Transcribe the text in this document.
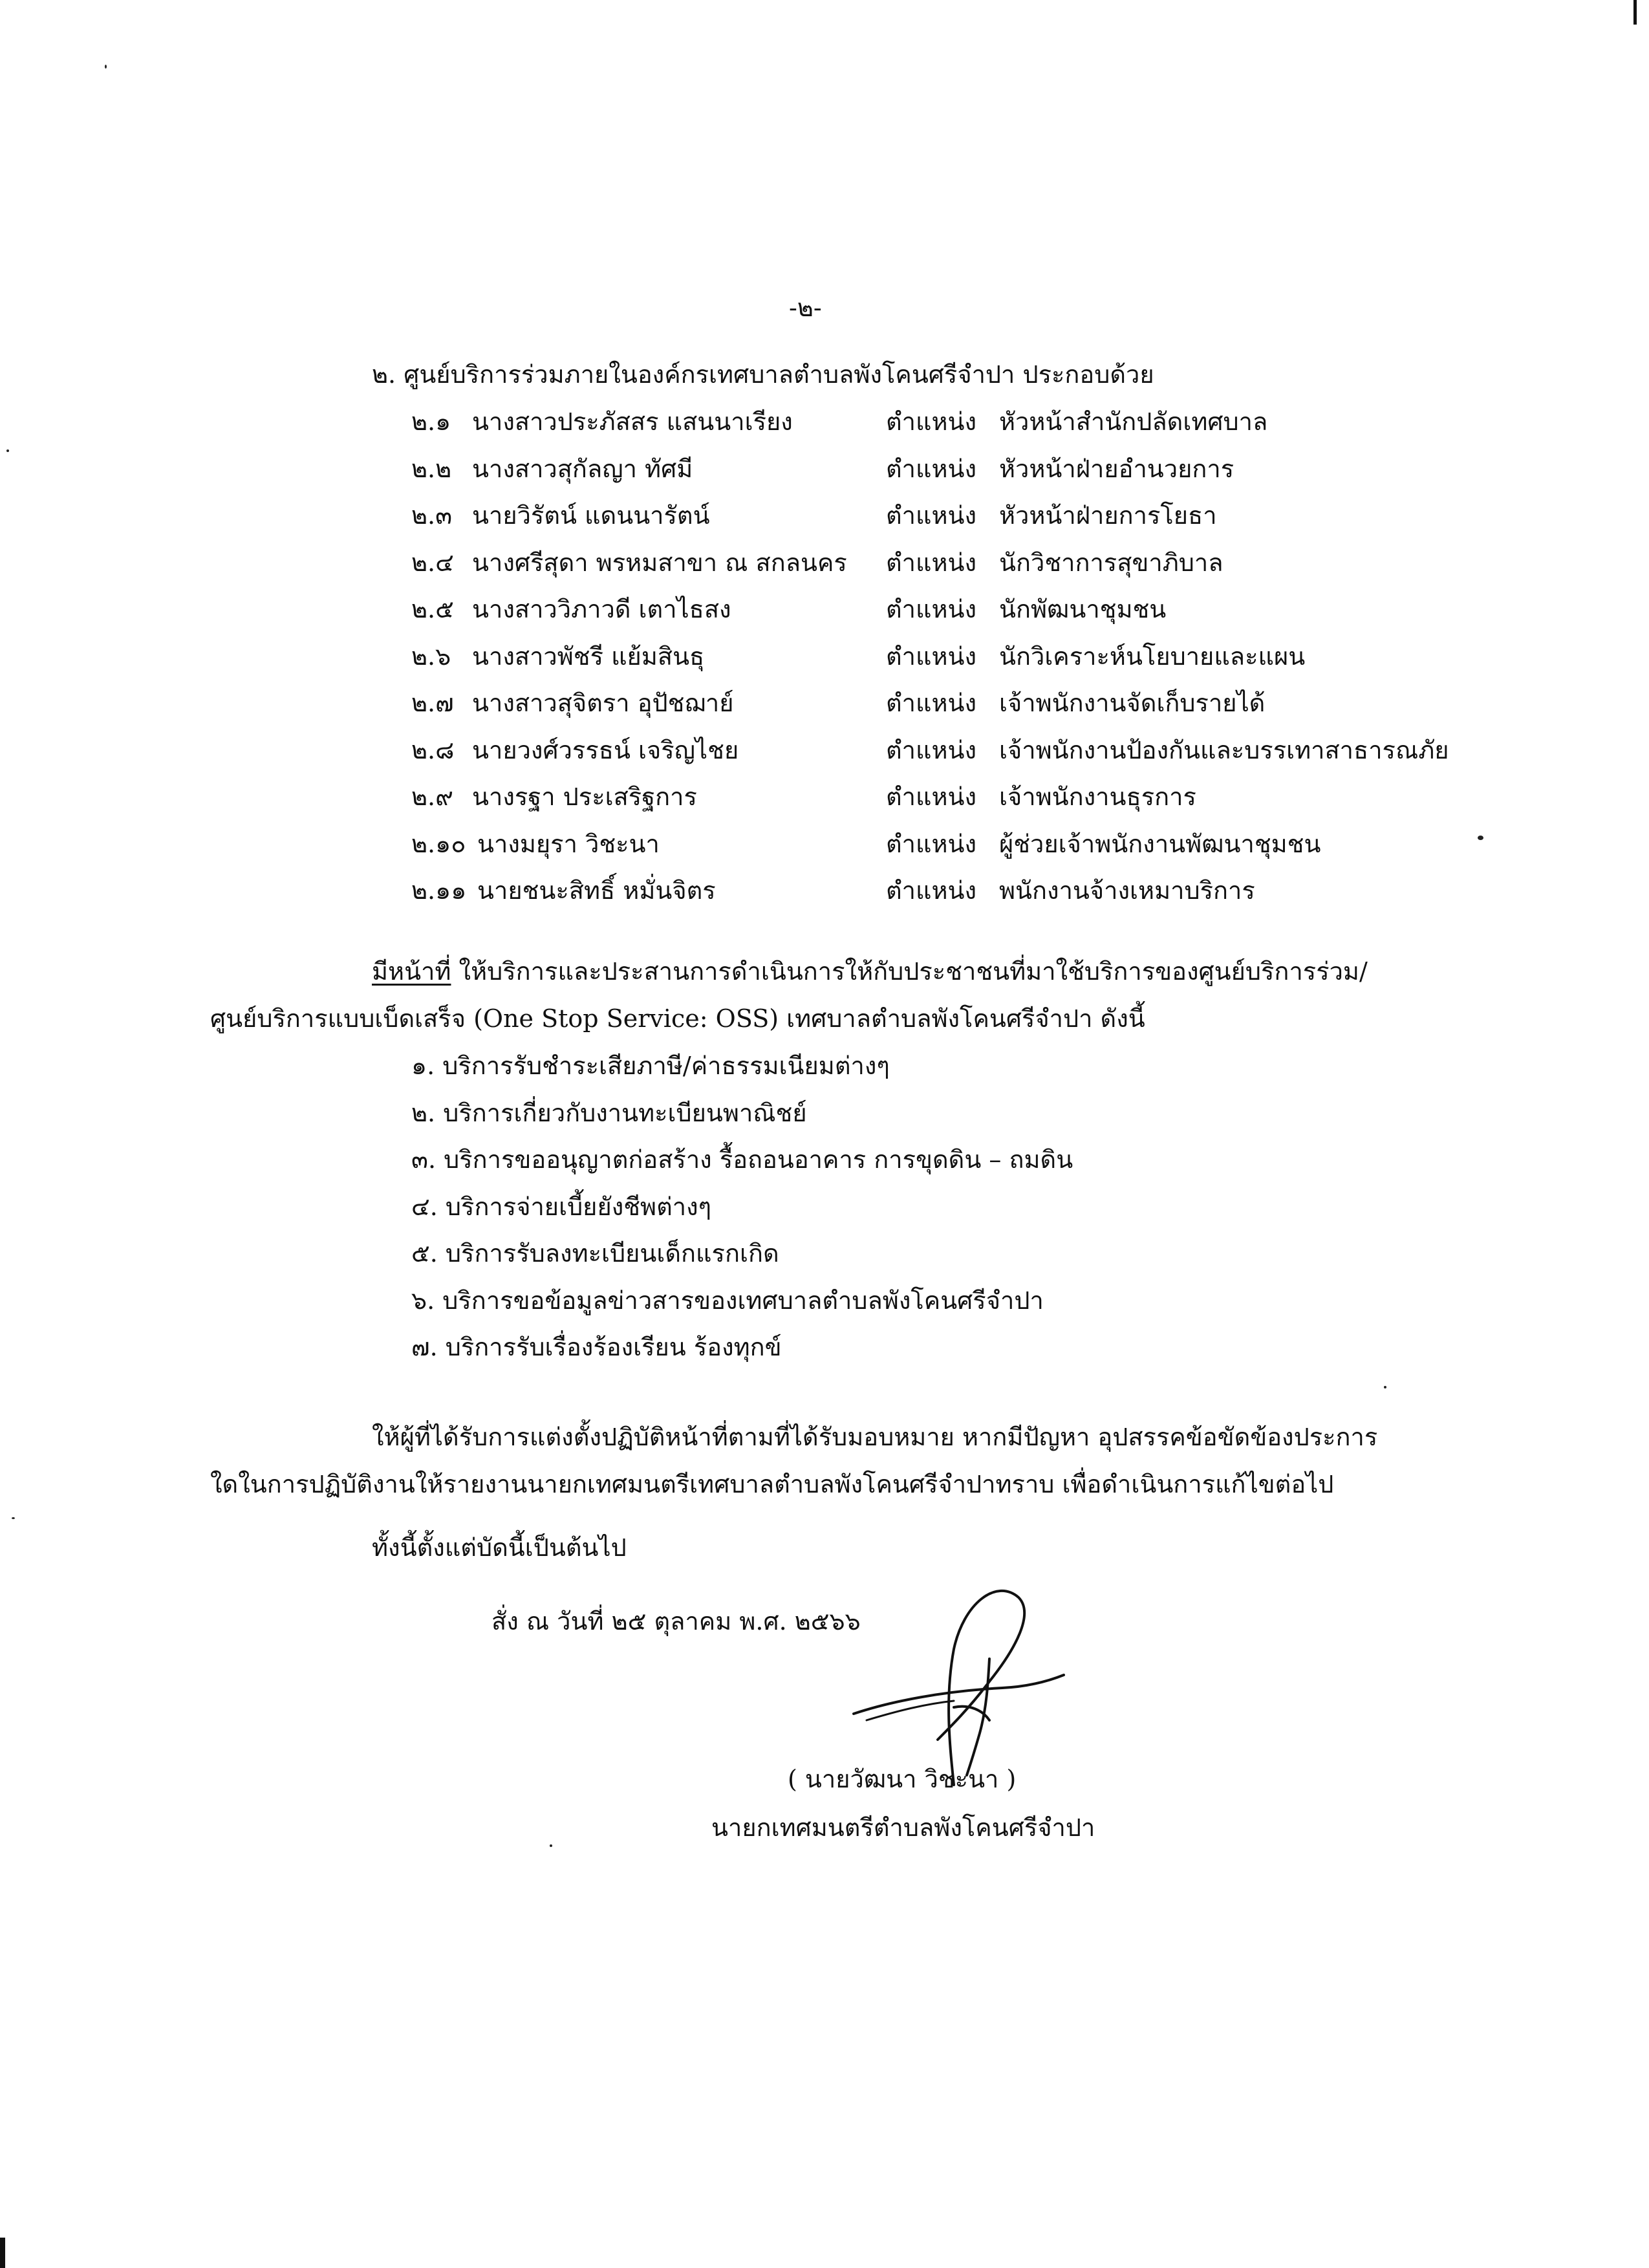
-๒-
๒. ศูนย์บริการร่วมภายในองค์กรเทศบาลตำบลพังโคนศรีจำปา ประกอบด้วย
๒.๑ นางสาวประภัสสร แสนนาเรียง	ตำแหน่ง หัวหน้าสำนักปลัดเทศบาล
๒.๒ นางสาวสุกัลญา ทัศมี	ตำแหน่ง หัวหน้าฝ่ายอำนวยการ
๒.๓ นายวิรัตน์ แดนนารัตน์	ตำแหน่ง หัวหน้าฝ่ายการโยธา
๒.๔ นางศรีสุดา พรหมสาขา ณ สกลนคร ตำแหน่ง นักวิชาการสุขาภิบาล
๒.๕ นางสาววิภาวดี เตาไธสง	ตำแหน่ง นักพัฒนาชุมชน
๒.๖ นางสาวพัชรี แย้มสินธุ	ตำแหน่ง นักวิเคราะห์นโยบายและแผน
๒.๗ นางสาวสุจิตรา อุปัชฌาย์	ตำแหน่ง เจ้าพนักงานจัดเก็บรายได้
๒.๘ นายวงศ์วรรธน์ เจริญไชย	ตำแหน่ง เจ้าพนักงานป้องกันและบรรเทาสาธารณภัย
๒.๙ นางรฐา ประเสริฐการ	ตำแหน่ง เจ้าพนักงานธุรการ
๒.๑๐ นางมยุรา วิชะนา	ตำแหน่ง ผู้ช่วยเจ้าพนักงานพัฒนาชุมชน
๒.๑๑ นายชนะสิทธิ์ หมั่นจิตร	ตำแหน่ง พนักงานจ้างเหมาบริการ
มีหน้าที่ ให้บริการและประสานการดำเนินการให้กับประชาชนที่มาใช้บริการของศูนย์บริการร่วม/
ศูนย์บริการแบบเบ็ดเสร็จ (One Stop Service: OSS) เทศบาลตำบลพังโคนศรีจำปา ดังนี้
๑. บริการรับชำระเสียภาษี/ค่าธรรมเนียมต่างๆ
๒. บริการเกี่ยวกับงานทะเบียนพาณิชย์
๓. บริการขออนุญาตก่อสร้าง รื้อถอนอาคาร การขุดดิน – ถมดิน
๔. บริการจ่ายเบี้ยยังชีพต่างๆ
๕. บริการรับลงทะเบียนเด็กแรกเกิด
๖. บริการขอข้อมูลข่าวสารของเทศบาลตำบลพังโคนศรีจำปา
๗. บริการรับเรื่องร้องเรียน ร้องทุกข์
ให้ผู้ที่ได้รับการแต่งตั้งปฏิบัติหน้าที่ตามที่ได้รับมอบหมาย หากมีปัญหา อุปสรรคข้อขัดข้องประการ
ใดในการปฏิบัติงานให้รายงานนายกเทศมนตรีเทศบาลตำบลพังโคนศรีจำปาทราบ เพื่อดำเนินการแก้ไขต่อไป
ทั้งนี้ตั้งแต่บัดนี้เป็นต้นไป
สั่ง ณ วันที่ ๒๕ ตุลาคม พ.ศ. ๒๕๖๖
( นายวัฒนา วิชะนา )
นายกเทศมนตรีตำบลพังโคนศรีจำปา
